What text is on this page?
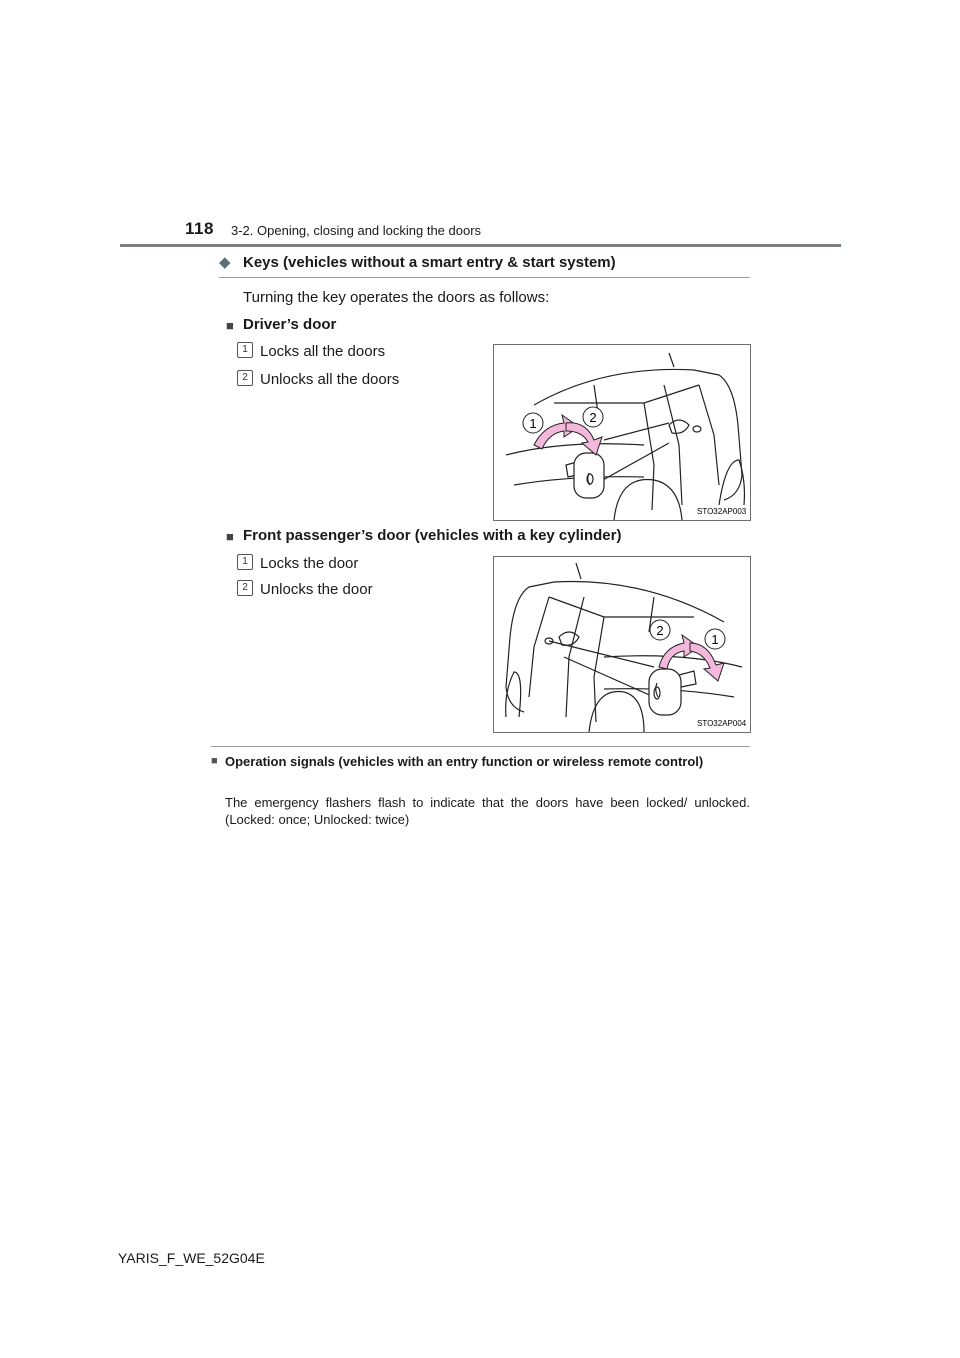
118 3-2. Opening, closing and locking the doors
◆ Keys (vehicles without a smart entry & start system)
Turning the key operates the doors as follows:
■ Driver’s door
1 Locks all the doors
2 Unlocks all the doors
1	2
STO32AP003
■ Front passenger’s door (vehicles with a key cylinder)
1 Locks the door
2 Unlocks the door
2
1
STO32AP004
■ Operation signals (vehicles with an entry function or wireless remote control)
The emergency flashers flash to indicate that the doors have been locked/ unlocked. (Locked: once; Unlocked: twice)
YARIS_F_WE_52G04E
